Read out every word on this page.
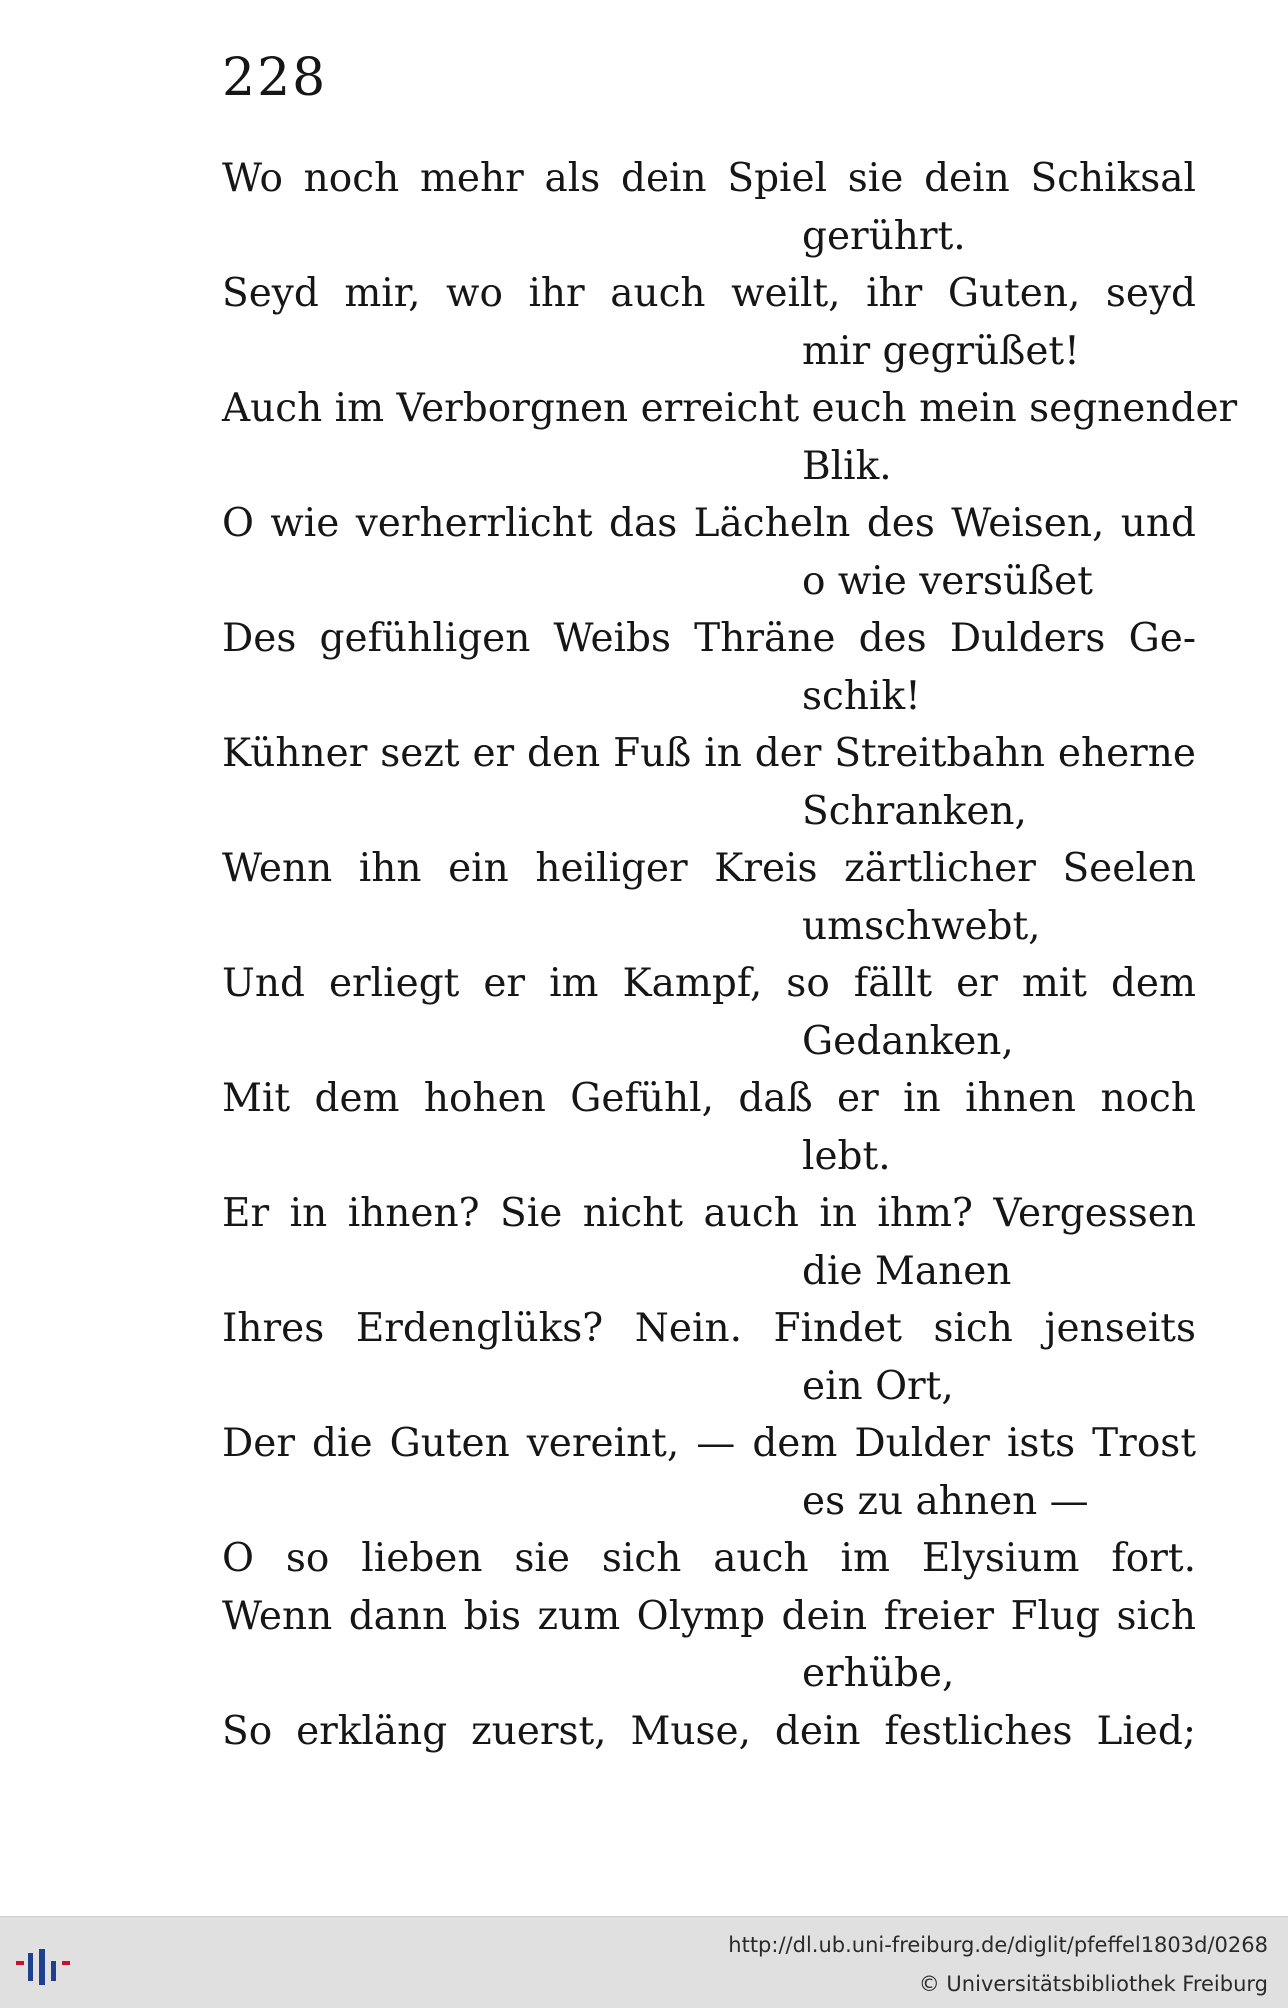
228
Wo noch mehr als dein Spiel sie dein Schiksal
gerührt.
Seyd mir, wo ihr auch weilt, ihr Guten, seyd
mir gegrüßet!
Auch im Verborgnen erreicht euch mein segnender
Blik.
O wie verherrlicht das Lächeln des Weisen, und
o wie versüßet
Des gefühligen Weibs Thräne des Dulders Ge-
schik!
Kühner sezt er den Fuß in der Streitbahn eherne
Schranken,
Wenn ihn ein heiliger Kreis zärtlicher Seelen
umschwebt,
Und erliegt er im Kampf, so fällt er mit dem
Gedanken,
Mit dem hohen Gefühl, daß er in ihnen noch
lebt.
Er in ihnen? Sie nicht auch in ihm? Vergessen
die Manen
Ihres Erdenglüks? Nein. Findet sich jenseits
ein Ort,
Der die Guten vereint, — dem Dulder ists Trost
es zu ahnen —
O so lieben sie sich auch im Elysium fort.
Wenn dann bis zum Olymp dein freier Flug sich
erhübe,
So erkläng zuerst, Muse, dein festliches Lied;
http://dl.ub.uni-freiburg.de/diglit/pfeffel1803d/0268
© Universitätsbibliothek Freiburg
